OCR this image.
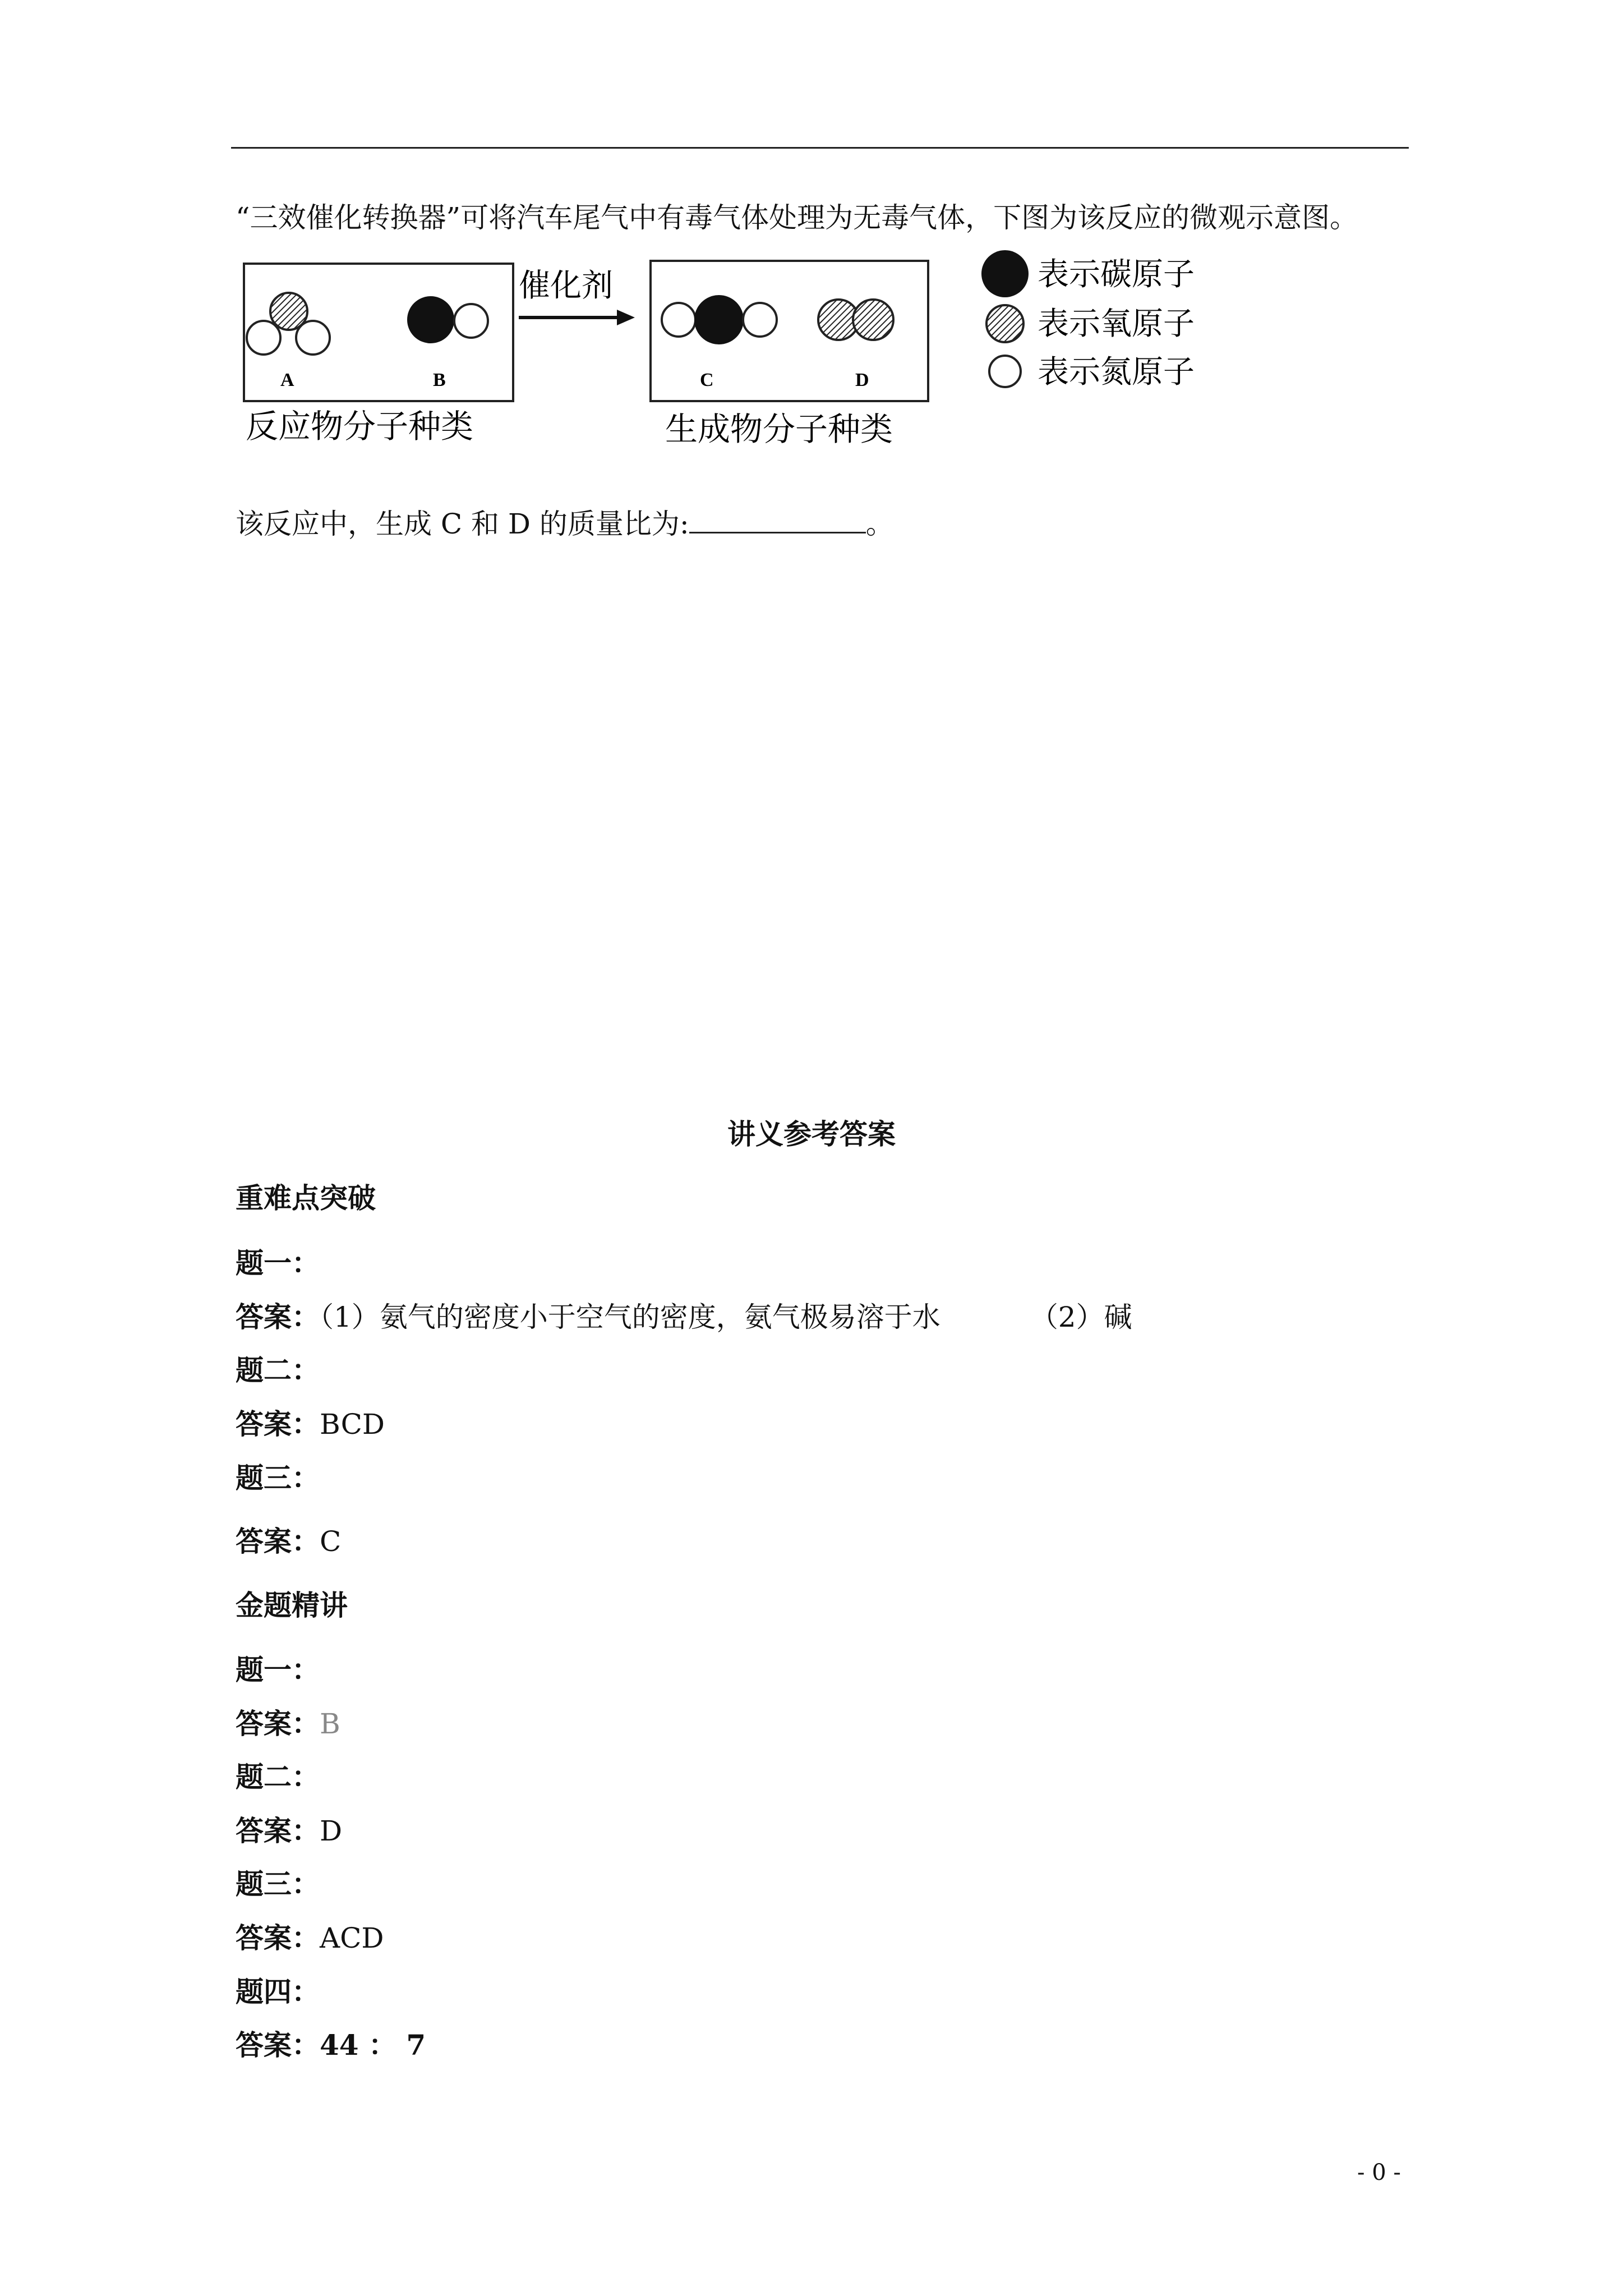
“三效催化转换器”可将汽车尾气中有毒气体处理为无毒气体，下图为该反应的微观示意图。
A	B
催化剂
C	D
反应物分子种类	生成物分子种类
表示碳原子
表示氧原子
表示氮原子
该反应中，生成 C 和 D 的质量比为:	。
讲义参考答案
重难点突破
题一：
答案：（1）氨气的密度小于空气的密度，氨气极易溶于水	（2）碱
题二：
答案：BCD
题三：
答案：C
金题精讲
题一：
答案：B
题二：
答案：D
题三：
答案：ACD
题四：
答案：44 ： 7
- 0 -
